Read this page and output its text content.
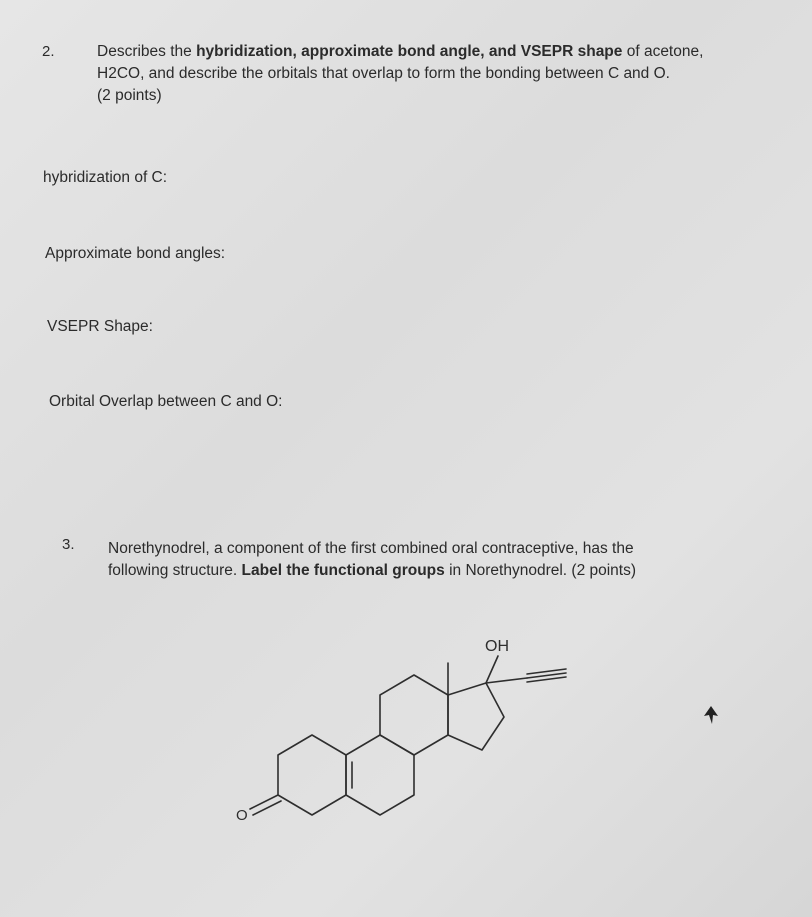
2.	Describes the hybridization, approximate bond angle, and VSEPR shape of acetone,
H2CO, and describe the orbitals that overlap to form the bonding between C and O.
(2 points)
hybridization of C:
Approximate bond angles:
VSEPR Shape:
Orbital Overlap between C and O:
3. Norethynodrel, a component of the first combined oral contraceptive, has the
following structure. Label the functional groups in Norethynodrel. (2 points)
OH
O
